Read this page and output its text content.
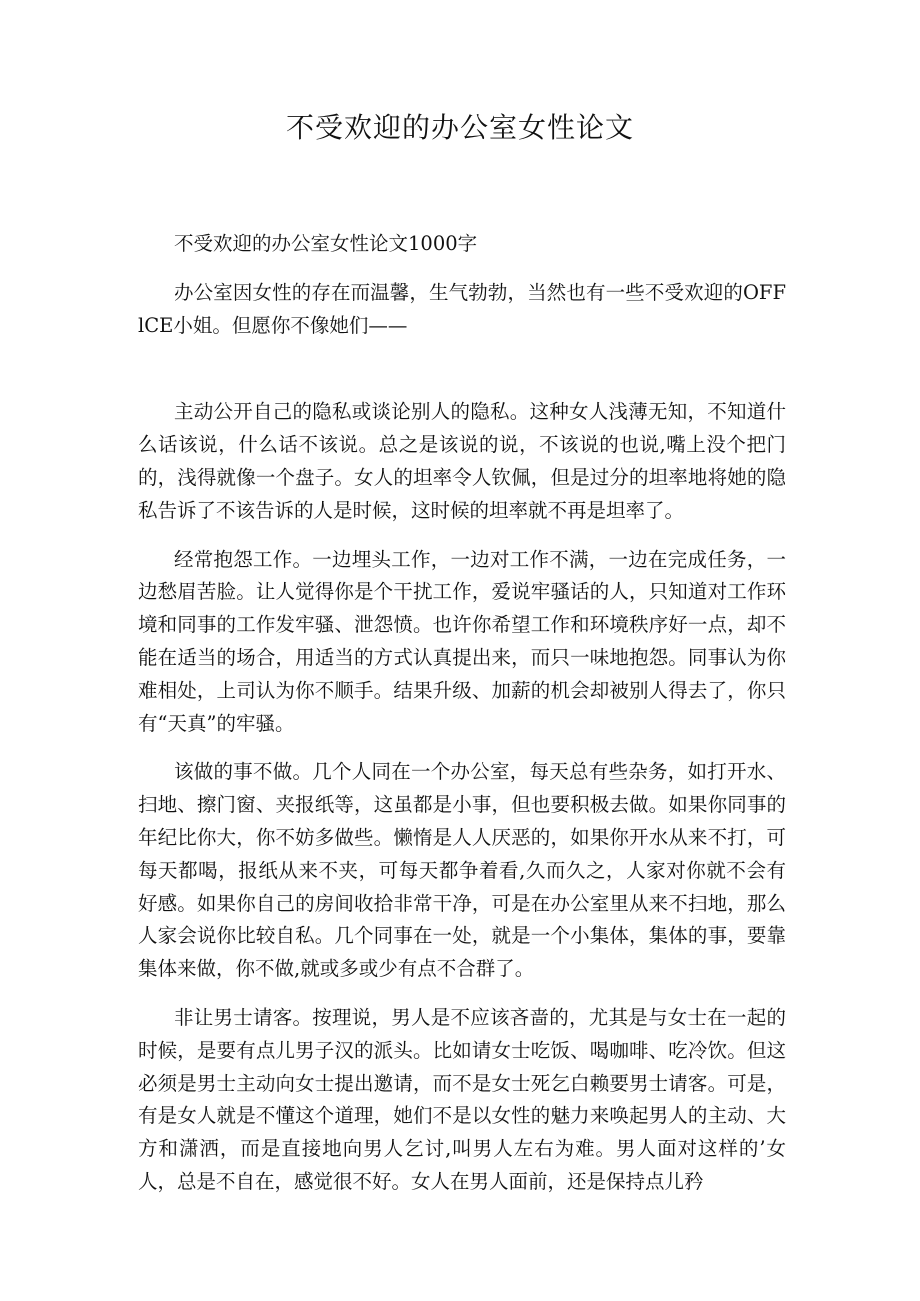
不受欢迎的办公室女性论文

不受欢迎的办公室女性论文1000字

办公室因女性的存在而温馨，生气勃勃，当然也有一些不受欢迎的OFFlCE小姐。但愿你不像她们——

主动公开自己的隐私或谈论别人的隐私。这种女人浅薄无知，不知道什么话该说，什么话不该说。总之是该说的说，不该说的也说,嘴上没个把门的，浅得就像一个盘子。女人的坦率令人钦佩，但是过分的坦率地将她的隐私告诉了不该告诉的人是时候，这时候的坦率就不再是坦率了。

经常抱怨工作。一边埋头工作，一边对工作不满，一边在完成任务，一边愁眉苦脸。让人觉得你是个干扰工作，爱说牢骚话的人，只知道对工作环境和同事的工作发牢骚、泄怨愤。也许你希望工作和环境秩序好一点，却不能在适当的场合，用适当的方式认真提出来，而只一味地抱怨。同事认为你难相处，上司认为你不顺手。结果升级、加薪的机会却被别人得去了，你只有“天真”的牢骚。

该做的事不做。几个人同在一个办公室，每天总有些杂务，如打开水、扫地、擦门窗、夹报纸等，这虽都是小事，但也要积极去做。如果你同事的年纪比你大，你不妨多做些。懒惰是人人厌恶的，如果你开水从来不打，可每天都喝，报纸从来不夹，可每天都争着看,久而久之，人家对你就不会有好感。如果你自己的房间收拾非常干净，可是在办公室里从来不扫地，那么人家会说你比较自私。几个同事在一处，就是一个小集体，集体的事，要靠集体来做，你不做,就或多或少有点不合群了。

非让男士请客。按理说，男人是不应该吝啬的，尤其是与女士在一起的时候，是要有点儿男子汉的派头。比如请女士吃饭、喝咖啡、吃冷饮。但这必须是男士主动向女士提出邀请，而不是女士死乞白赖要男士请客。可是，有是女人就是不懂这个道理，她们不是以女性的魅力来唤起男人的主动、大方和潇洒，而是直接地向男人乞讨,叫男人左右为难。男人面对这样的’女人，总是不自在，感觉很不好。女人在男人面前，还是保持点儿矜
